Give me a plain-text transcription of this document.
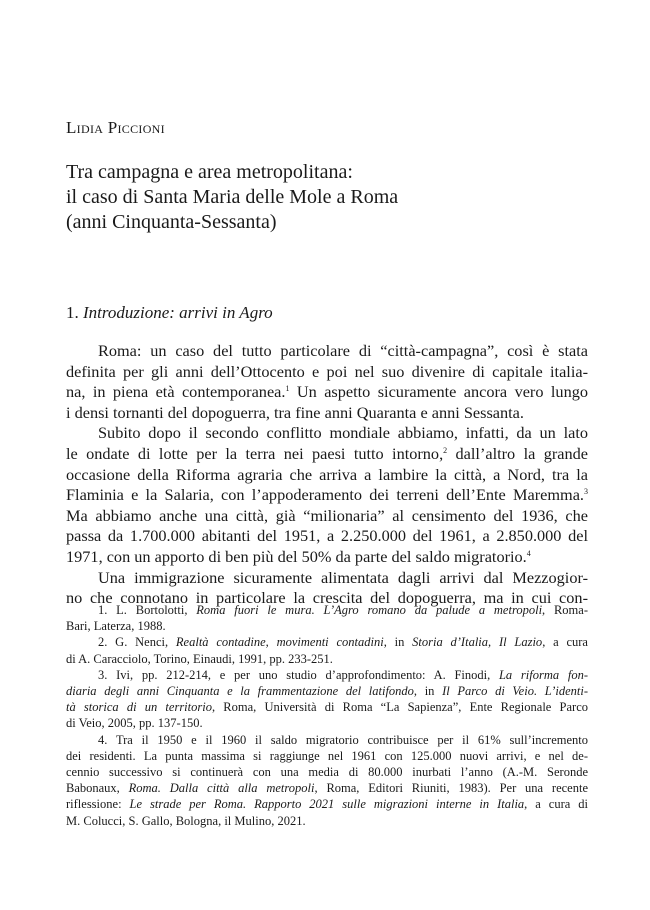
Lidia Piccioni
Tra campagna e area metropolitana:
il caso di Santa Maria delle Mole a Roma
(anni Cinquanta-Sessanta)
1. Introduzione: arrivi in Agro
Roma: un caso del tutto particolare di “città-campagna”, così è stata
definita per gli anni dell’Ottocento e poi nel suo divenire di capitale italia-
na, in piena età contemporanea.$^1$ Un aspetto sicuramente ancora vero lungo
i densi tornanti del dopoguerra, tra fine anni Quaranta e anni Sessanta.
Subito dopo il secondo conflitto mondiale abbiamo, infatti, da un lato
le ondate di lotte per la terra nei paesi tutto intorno,$^2$ dall’altro la grande
occasione della Riforma agraria che arriva a lambire la città, a Nord, tra la
Flaminia e la Salaria, con l’appoderamento dei terreni dell’Ente Maremma.$^3$
Ma abbiamo anche una città, già “milionaria” al censimento del 1936, che
passa da 1.700.000 abitanti del 1951, a 2.250.000 del 1961, a 2.850.000 del
1971, con un apporto di ben più del 50% da parte del saldo migratorio.$^4$
Una immigrazione sicuramente alimentata dagli arrivi dal Mezzogior-
no che connotano in particolare la crescita del dopoguerra, ma in cui con-
1. L. Bortolotti, Roma fuori le mura. L’Agro romano da palude a metropoli, Roma-
Bari, Laterza, 1988.
2. G. Nenci, Realtà contadine, movimenti contadini, in Storia d’Italia, Il Lazio, a cura
di A. Caracciolo, Torino, Einaudi, 1991, pp. 233-251.
3. Ivi, pp. 212-214, e per uno studio d’approfondimento: A. Finodi, La riforma fon-
diaria degli anni Cinquanta e la frammentazione del latifondo, in Il Parco di Veio. L’identi-
tà storica di un territorio, Roma, Università di Roma “La Sapienza”, Ente Regionale Parco
di Veio, 2005, pp. 137-150.
4. Tra il 1950 e il 1960 il saldo migratorio contribuisce per il 61% sull’incremento
dei residenti. La punta massima si raggiunge nel 1961 con 125.000 nuovi arrivi, e nel de-
cennio successivo si continuerà con una media di 80.000 inurbati l’anno (A.-M. Seronde
Babonaux, Roma. Dalla città alla metropoli, Roma, Editori Riuniti, 1983). Per una recente
riflessione: Le strade per Roma. Rapporto 2021 sulle migrazioni interne in Italia, a cura di
M. Colucci, S. Gallo, Bologna, il Mulino, 2021.
